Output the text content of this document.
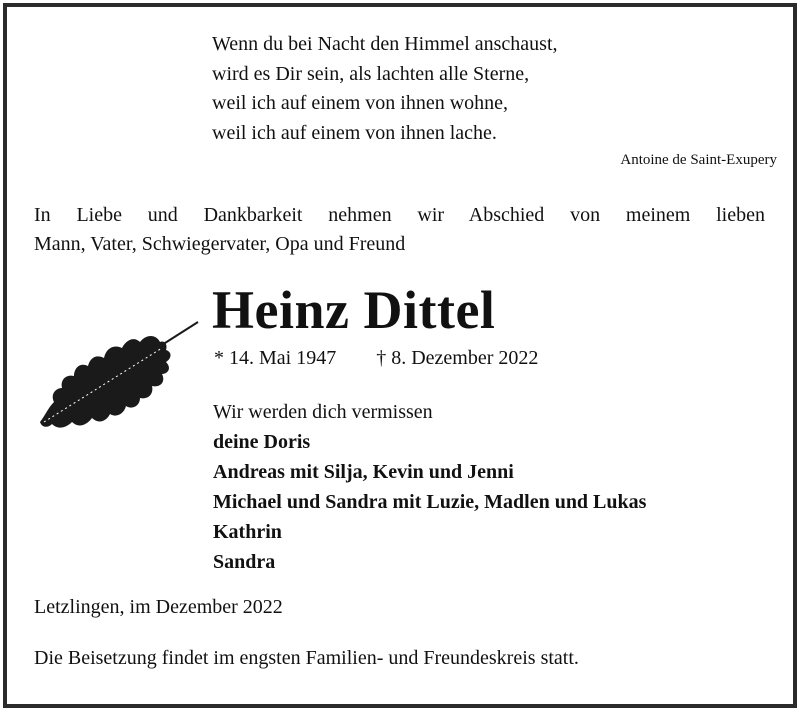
Wenn du bei Nacht den Himmel anschaust,
wird es Dir sein, als lachten alle Sterne,
weil ich auf einem von ihnen wohne,
weil ich auf einem von ihnen lache.
Antoine de Saint-Exupery
In Liebe und Dankbarkeit nehmen wir Abschied von meinem lieben
Mann, Vater, Schwiegervater, Opa und Freund
Heinz Dittel
* 14. Mai 1947 † 8. Dezember 2022
Wir werden dich vermissen
deine Doris
Andreas mit Silja, Kevin und Jenni
Michael und Sandra mit Luzie, Madlen und Lukas
Kathrin
Sandra
Letzlingen, im Dezember 2022
Die Beisetzung findet im engsten Familien- und Freundeskreis statt.
